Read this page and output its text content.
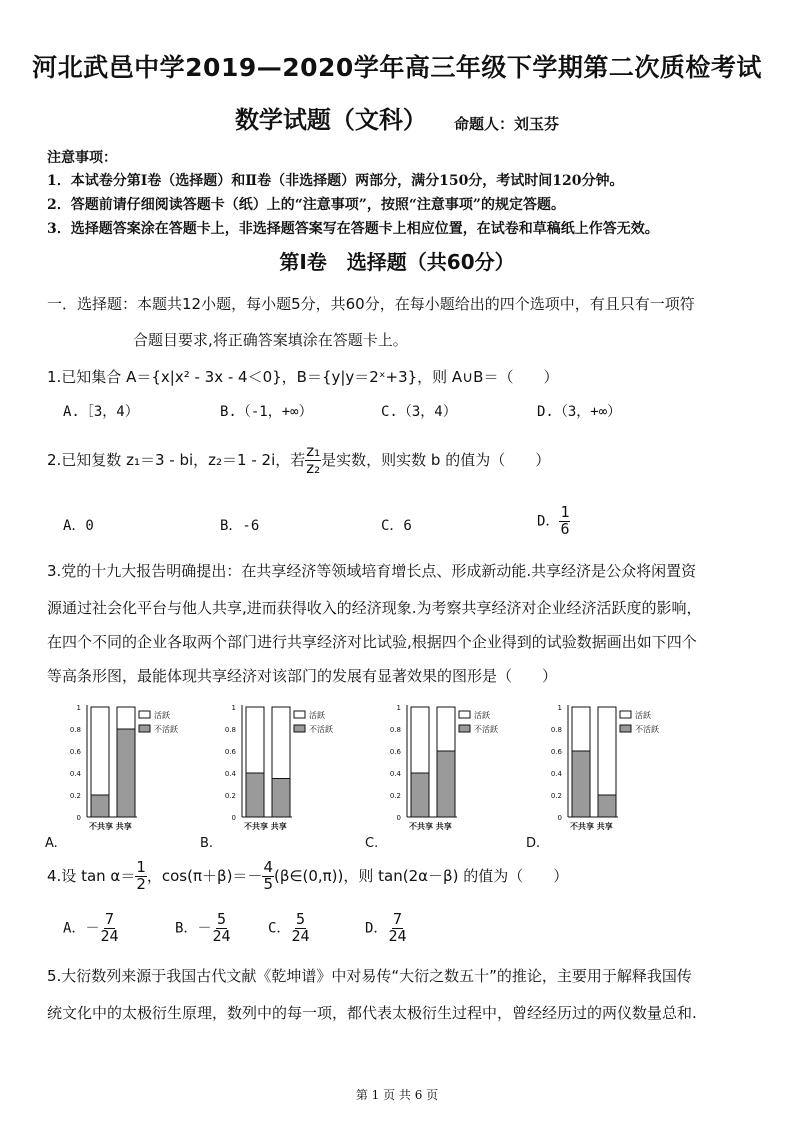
河北武邑中学2019—2020学年高三年级下学期第二次质检考试
数学试题（文科） 命题人：刘玉芬
注意事项：
1．本试卷分第Ⅰ卷（选择题）和Ⅱ卷（非选择题）两部分，满分150分，考试时间120分钟。
2．答题前请仔细阅读答题卡（纸）上的“注意事项”，按照“注意事项”的规定答题。
3．选择题答案涂在答题卡上，非选择题答案写在答题卡上相应位置，在试卷和草稿纸上作答无效。
第Ⅰ卷　选择题（共60分）
一．选择题：本题共12小题，每小题5分，共60分，在每小题给出的四个选项中，有且只有一项符
合题目要求,将正确答案填涂在答题卡上。
1.已知集合 A＝{x|x² - 3x - 4＜0}，B＝{y|y＝2ˣ+3}，则 A∪B＝（　　）
A.［3，4）	B.（-1，+∞）	C.（3，4）	D.（3，+∞）
2.已知复数 z₁＝3 - bi，z₂＝1 - 2i，若 $\frac{\text{z₁}}{\text{z₂}}$ 是实数，则实数 b 的值为（　　）
A．0	B．-6	C．6	D． $\frac{1}{6}$
3.党的十九大报告明确提出：在共享经济等领域培育增长点、形成新动能.共享经济是公众将闲置资
源通过社会化平台与他人共享,进而获得收入的经济现象.为考察共享经济对企业经济活跃度的影响，
在四个不同的企业各取两个部门进行共享经济对比试验,根据四个企业得到的试验数据画出如下四个
等高条形图，最能体现共享经济对该部门的发展有显著效果的图形是（　　）
A.
0
0.2
0.4
0.6
0.8
1
不共享 共享
活跃
不活跃
B.
0
0.2
0.4
0.6
0.8
1
不共享 共享
活跃
不活跃
C.
0
0.2
0.4
0.6
0.8
1
不共享 共享
活跃
不活跃
D.
0
0.2
0.4
0.6
0.8
1
不共享 共享
活跃
不活跃
4.设 $\tan \alpha= \frac{1}{2}$ ，$\cos(\pi+\beta)=- \frac{4}{5}$ (β∈(0,π))，则 tan(2α－β) 的值为（　　）
A．－ $\frac{7}{24}$	B．－ $\frac{5}{24}$	C． $\frac{5}{24}$	D． $\frac{7}{24}$
5.大衍数列来源于我国古代文献《乾坤谱》中对易传“大衍之数五十”的推论，主要用于解释我国传
统文化中的太极衍生原理，数列中的每一项，都代表太极衍生过程中，曾经经历过的两仪数量总和.
第 1 页 共 6 页
